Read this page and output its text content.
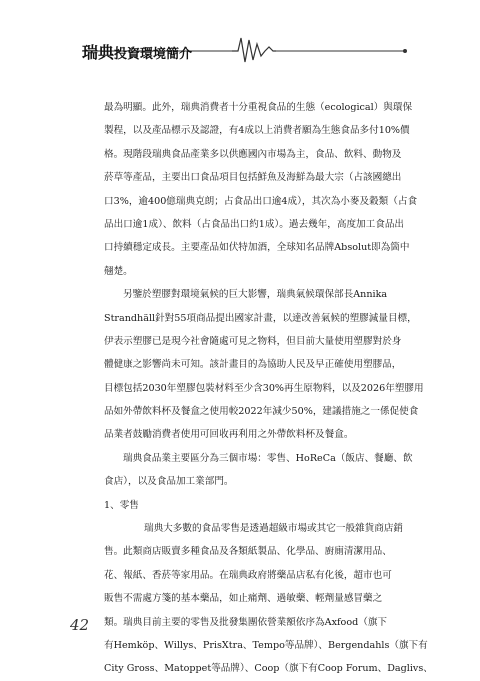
瑞典投資環境簡介
最為明顯。此外，瑞典消費者十分重視食品的生態（ecological）與環保
製程，以及產品標示及認證，有4成以上消費者願為生態食品多付10%價
格。現階段瑞典食品產業多以供應國內市場為主，食品、飲料、動物及
菸草等產品，主要出口食品項目包括鮮魚及海鮮為最大宗（占該國總出
口3%，逾400億瑞典克朗；占食品出口逾4成），其次為小麥及穀類（占食
品出口逾1成）、飲料（占食品出口約1成）。過去幾年，高度加工食品出
口持續穩定成長。主要產品如伏特加酒，全球知名品牌Absolut即為箇中
翹楚。
另鑒於塑膠對環境氣候的巨大影響，瑞典氣候環保部長Annika
Strandhäll針對55項商品提出國家計畫，以達改善氣候的塑膠減量目標，
伊表示塑膠已是現今社會隨處可見之物料，但目前大量使用塑膠對於身
體健康之影響尚未可知。該計畫目的為協助人民及早正確使用塑膠品，
目標包括2030年塑膠包裝材料至少含30%再生原物料，以及2026年塑膠用
品如外帶飲料杯及餐盒之使用較2022年減少50%，建議措施之一係促使食
品業者鼓勵消費者使用可回收再利用之外帶飲料杯及餐盒。
瑞典食品業主要區分為三個市場：零售、HoReCa（飯店、餐廳、飲
食店），以及食品加工業部門。
1、零售
瑞典大多數的食品零售是透過超級市場或其它一般雜貨商店銷
售。此類商店販賣多種食品及各類紙製品、化學品、廚廁清潔用品、
花、報紙、香菸等家用品。在瑞典政府將藥品店私有化後，超市也可
販售不需處方箋的基本藥品，如止痛劑、過敏藥、輕劑量感冒藥之
類。瑞典目前主要的零售及批發集團依營業額依序為Axfood（旗下
有Hemköp、Willys、PrisXtra、Tempo等品牌）、Bergendahls（旗下有
City Gross、Matoppet等品牌）、Coop（旗下有Coop Forum、Daglivs、
42
